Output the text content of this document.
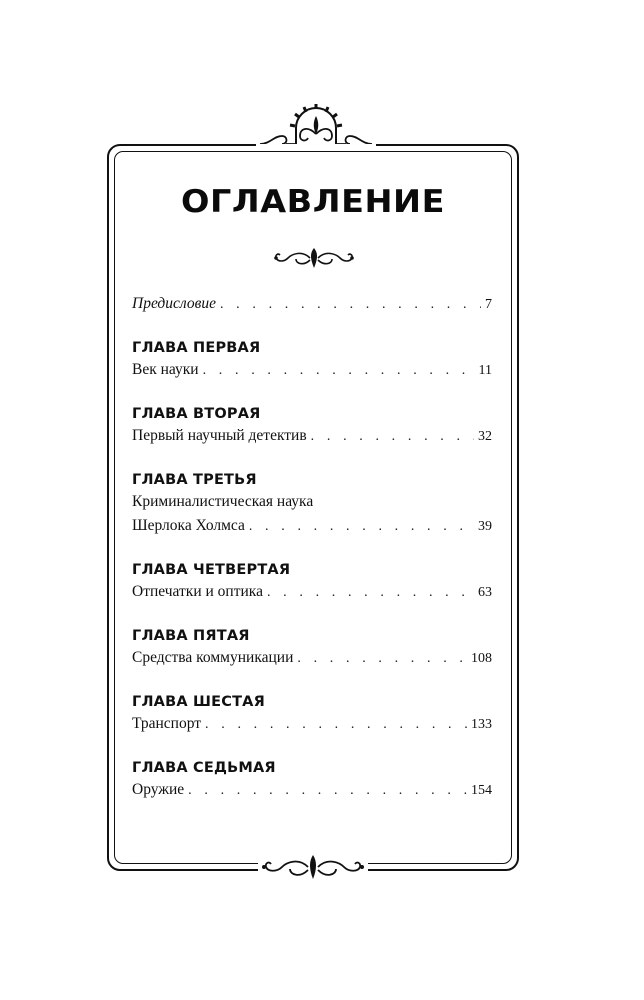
ОГЛАВЛЕНИЕ
Предисловие . . .	7
ГЛАВА ПЕРВАЯ
Век науки . . .	11
ГЛАВА ВТОРАЯ
Первый научный детектив . . .	32
ГЛАВА ТРЕТЬЯ
Криминалистическая наука
Шерлока Холмса . . .	39
ГЛАВА ЧЕТВЕРТАЯ
Отпечатки и оптика . . .	63
ГЛАВА ПЯТАЯ
Средства коммуникации . . .	108
ГЛАВА ШЕСТАЯ
Транспорт . . .	133
ГЛАВА СЕДЬМАЯ
Оружие . . .	154
